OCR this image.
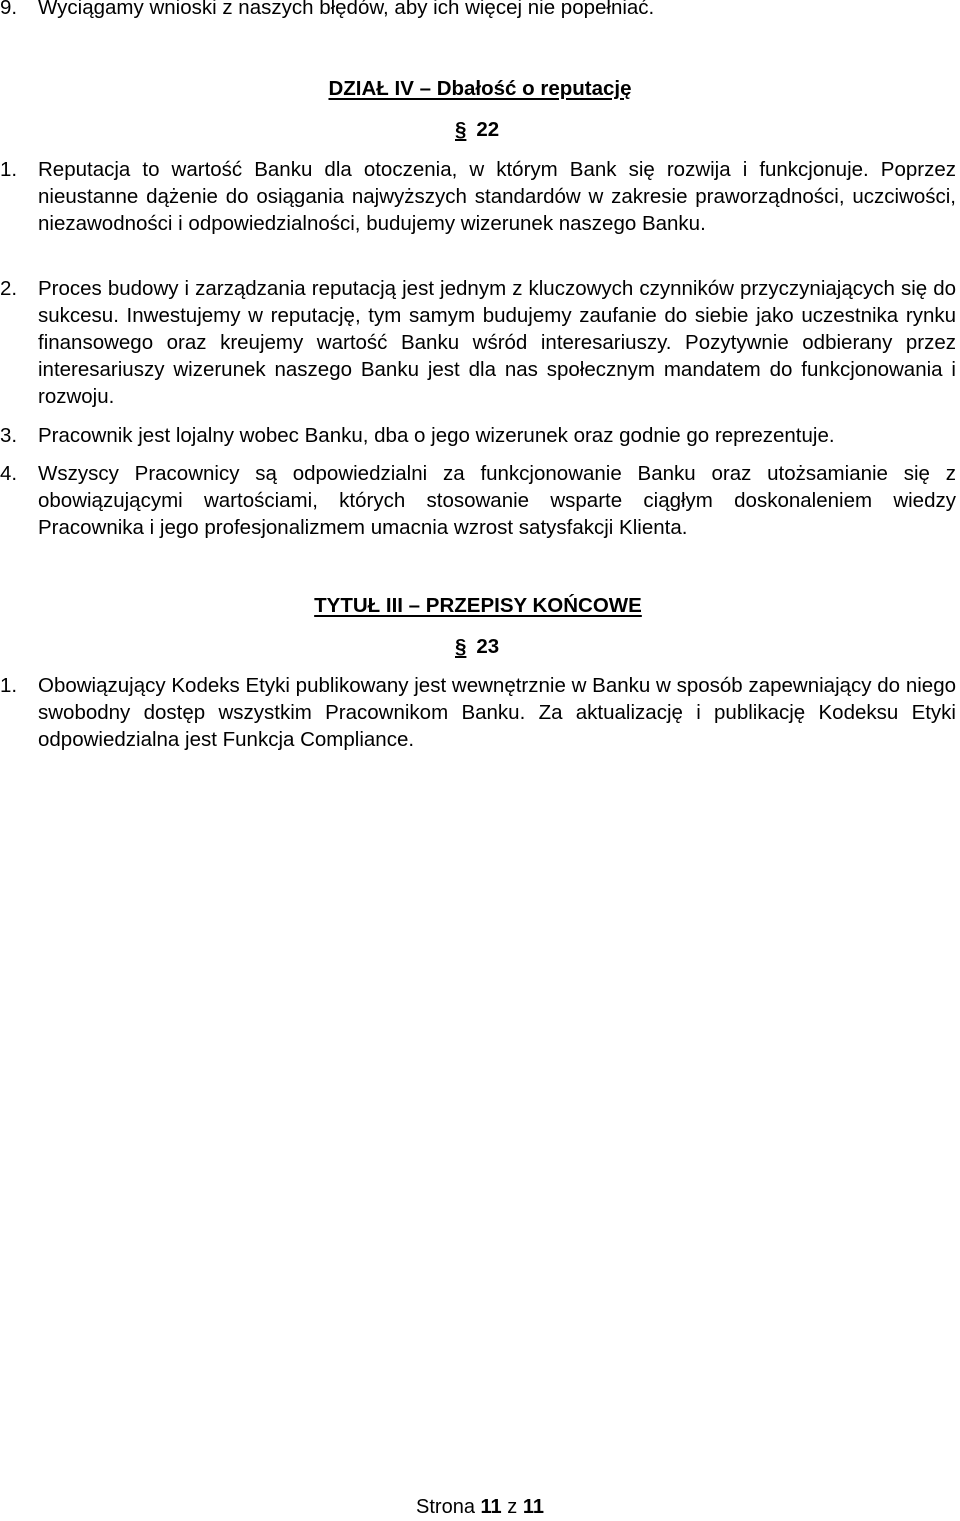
9.	Wyciągamy wnioski z naszych błędów, aby ich więcej nie popełniać.
DZIAŁ IV – Dbałość o reputację
§ 22
1.	Reputacja to wartość Banku dla otoczenia, w którym Bank się rozwija i funkcjonuje. Poprzez nieustanne dążenie do osiągania najwyższych standardów w zakresie praworządności, uczciwości, niezawodności i odpowiedzialności, budujemy wizerunek naszego Banku.
2.	Proces budowy i zarządzania reputacją jest jednym z kluczowych czynników przyczyniających się do sukcesu. Inwestujemy w reputację, tym samym budujemy zaufanie do siebie jako uczestnika rynku finansowego oraz kreujemy wartość Banku wśród interesariuszy. Pozytywnie odbierany przez interesariuszy wizerunek naszego Banku jest dla nas społecznym mandatem do funkcjonowania i rozwoju.
3.	Pracownik jest lojalny wobec Banku, dba o jego wizerunek oraz godnie go reprezentuje.
4.	Wszyscy Pracownicy są odpowiedzialni za funkcjonowanie Banku oraz utożsamianie się z obowiązującymi wartościami, których stosowanie wsparte ciągłym doskonaleniem wiedzy Pracownika i jego profesjonalizmem umacnia wzrost satysfakcji Klienta.
TYTUŁ III – PRZEPISY KOŃCOWE
§ 23
1.	Obowiązujący Kodeks Etyki publikowany jest wewnętrznie w Banku w sposób zapewniający do niego swobodny dostęp wszystkim Pracownikom Banku. Za aktualizację i publikację Kodeksu Etyki odpowiedzialna jest Funkcja Compliance.
Strona 11 z 11
